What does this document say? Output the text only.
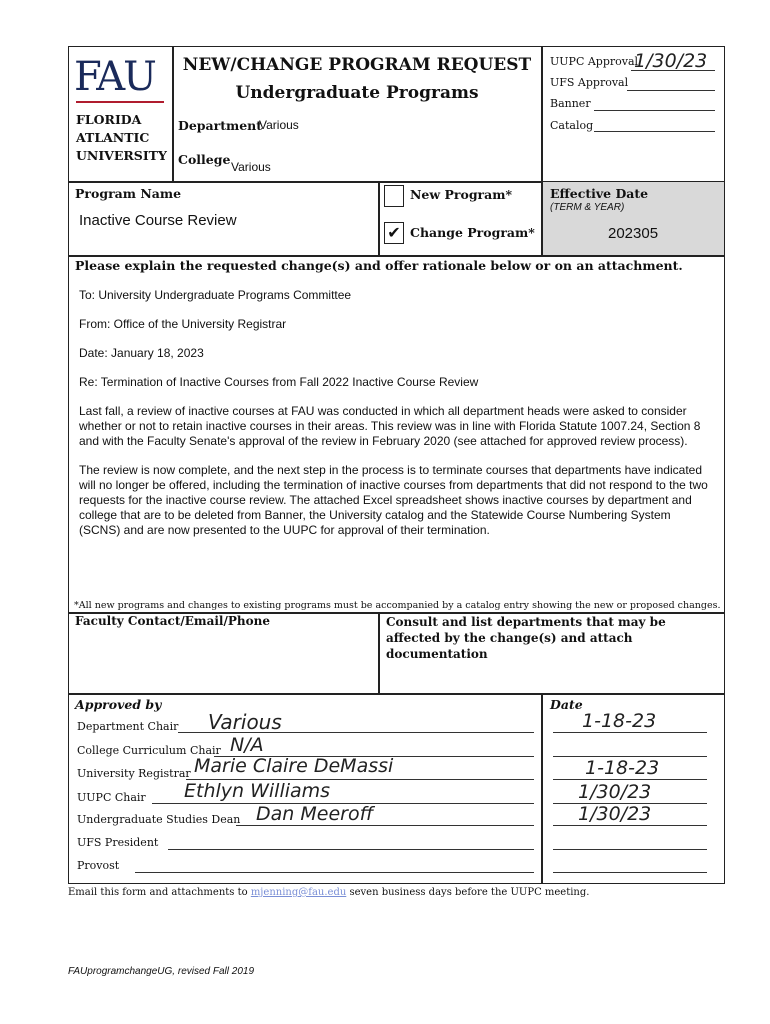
FAU
FLORIDA
ATLANTIC
UNIVERSITY
NEW/CHANGE PROGRAM REQUEST
Undergraduate Programs
Department
Various
College Various
UUPC Approval
1/30/23
UFS Approval
Banner
Catalog
Program Name
Inactive Course Review
New Program*
✔ Change Program*
Effective Date
(TERM & YEAR)
202305
Please explain the requested change(s) and offer rationale below or on an attachment.
To: University Undergraduate Programs Committee
From: Office of the University Registrar
Date: January 18, 2023
Re: Termination of Inactive Courses from Fall 2022 Inactive Course Review
Last fall, a review of inactive courses at FAU was conducted in which all department heads were asked to consider whether or not to retain inactive courses in their areas. This review was in line with Florida Statute 1007.24, Section 8 and with the Faculty Senate's approval of the review in February 2020 (see attached for approved review process).
The review is now complete, and the next step in the process is to terminate courses that departments have indicated will no longer be offered, including the termination of inactive courses from departments that did not respond to the two requests for the inactive course review. The attached Excel spreadsheet shows inactive courses by department and college that are to be deleted from Banner, the University catalog and the Statewide Course Numbering System (SCNS) and are now presented to the UUPC for approval of their termination.
*All new programs and changes to existing programs must be accompanied by a catalog entry showing the new or proposed changes.
Faculty Contact/Email/Phone	Consult and list departments that may be affected by the change(s) and attach documentation
Approved by	Date
Department Chair Various	1-18-23
College Curriculum Chair N/A
University Registrar Marie Claire DeMassi	1-18-23
UUPC Chair Ethlyn Williams	1/30/23
Undergraduate Studies Dean Dan Meeroff	1/30/23
UFS President
Provost
Email this form and attachments to mjenning@fau.edu seven business days before the UUPC meeting.
FAUprogramchangeUG, revised Fall 2019
